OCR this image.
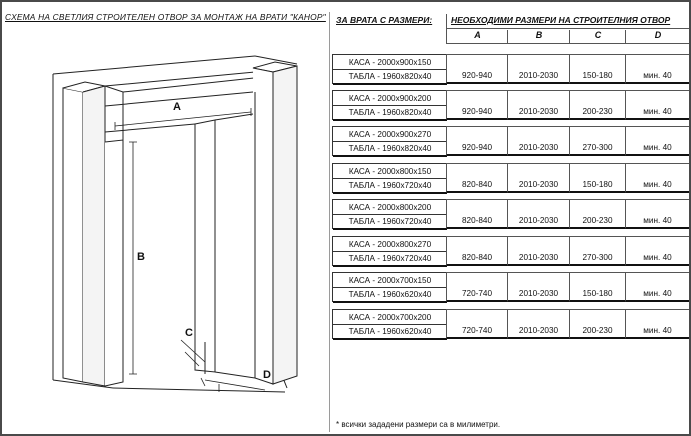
СХЕМА НА СВЕТЛИЯ СТРОИТЕЛЕН ОТВОР ЗА МОНТАЖ НА ВРАТИ "КАНОР"
A
B
C
D
ЗА ВРАТА С РАЗМЕРИ:	НЕОБХОДИМИ РАЗМЕРИ НА СТРОИТЕЛНИЯ ОТВОР
A	B	C	D
КАСА - 2000х900х150
ТАБЛА - 1960х820х40	920-940	2010-2030	150-180	мин. 40
КАСА - 2000х900х200
ТАБЛА - 1960х820х40	920-940	2010-2030	200-230	мин. 40
КАСА - 2000х900х270
ТАБЛА - 1960х820х40	920-940	2010-2030	270-300	мин. 40
КАСА - 2000х800х150
ТАБЛА - 1960х720х40	820-840	2010-2030	150-180	мин. 40
КАСА - 2000х800х200
ТАБЛА - 1960х720х40	820-840	2010-2030	200-230	мин. 40
КАСА - 2000х800х270
ТАБЛА - 1960х720х40	820-840	2010-2030	270-300	мин. 40
КАСА - 2000х700х150
ТАБЛА - 1960х620х40	720-740	2010-2030	150-180	мин. 40
КАСА - 2000х700х200
ТАБЛА - 1960х620х40	720-740	2010-2030	200-230	мин. 40
* всички зададени размери са в милиметри.
